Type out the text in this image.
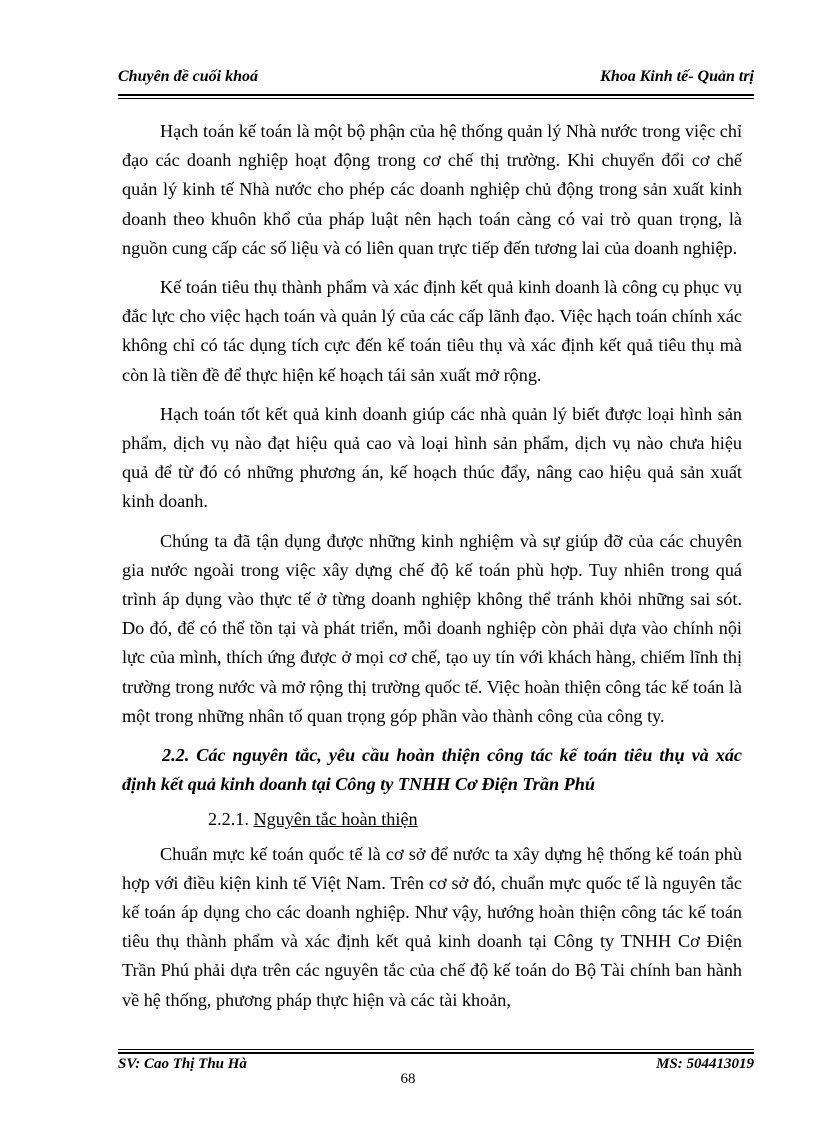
Chuyên đề cuối khoá	Khoa Kinh tế- Quản trị

Hạch toán kế toán là một bộ phận của hệ thống quản lý Nhà nước trong việc chỉ đạo các doanh nghiệp hoạt động trong cơ chế thị trường. Khi chuyển đổi cơ chế quản lý kinh tế Nhà nước cho phép các doanh nghiệp chủ động trong sản xuất kinh doanh theo khuôn khổ của pháp luật nên hạch toán càng có vai trò quan trọng, là nguồn cung cấp các số liệu và có liên quan trực tiếp đến tương lai của doanh nghiệp.

Kế toán tiêu thụ thành phẩm và xác định kết quả kinh doanh là công cụ phục vụ đắc lực cho việc hạch toán và quản lý của các cấp lãnh đạo. Việc hạch toán chính xác không chỉ có tác dụng tích cực đến kế toán tiêu thụ và xác định kết quả tiêu thụ mà còn là tiền đề để thực hiện kế hoạch tái sản xuất mở rộng.

Hạch toán tốt kết quả kinh doanh giúp các nhà quản lý biết được loại hình sản phẩm, dịch vụ nào đạt hiệu quả cao và loại hình sản phẩm, dịch vụ nào chưa hiệu quả để từ đó có những phương án, kế hoạch thúc đẩy, nâng cao hiệu quả sản xuất kinh doanh.

Chúng ta đã tận dụng được những kinh nghiệm và sự giúp đỡ của các chuyên gia nước ngoài trong việc xây dựng chế độ kế toán phù hợp. Tuy nhiên trong quá trình áp dụng vào thực tế ở từng doanh nghiệp không thể tránh khỏi những sai sót. Do đó, để có thể tồn tại và phát triển, mỗi doanh nghiệp còn phải dựa vào chính nội lực của mình, thích ứng được ở mọi cơ chế, tạo uy tín với khách hàng, chiếm lĩnh thị trường trong nước và mở rộng thị trường quốc tế. Việc hoàn thiện công tác kế toán là một trong những nhân tố quan trọng góp phần vào thành công của công ty.

2.2. Các nguyên tắc, yêu cầu hoàn thiện công tác kế toán tiêu thụ và xác định kết quả kinh doanh tại Công ty TNHH Cơ Điện Trần Phú

2.2.1. Nguyên tắc hoàn thiện

Chuẩn mực kế toán quốc tế là cơ sở để nước ta xây dựng hệ thống kế toán phù hợp với điều kiện kinh tế Việt Nam. Trên cơ sở đó, chuẩn mực quốc tế là nguyên tắc kế toán áp dụng cho các doanh nghiệp. Như vậy, hướng hoàn thiện công tác kế toán tiêu thụ thành phẩm và xác định kết quả kinh doanh tại Công ty TNHH Cơ Điện Trần Phú phải dựa trên các nguyên tắc của chế độ kế toán do Bộ Tài chính ban hành về hệ thống, phương pháp thực hiện và các tài khoản,

SV: Cao Thị Thu Hà	MS: 504413019
68
